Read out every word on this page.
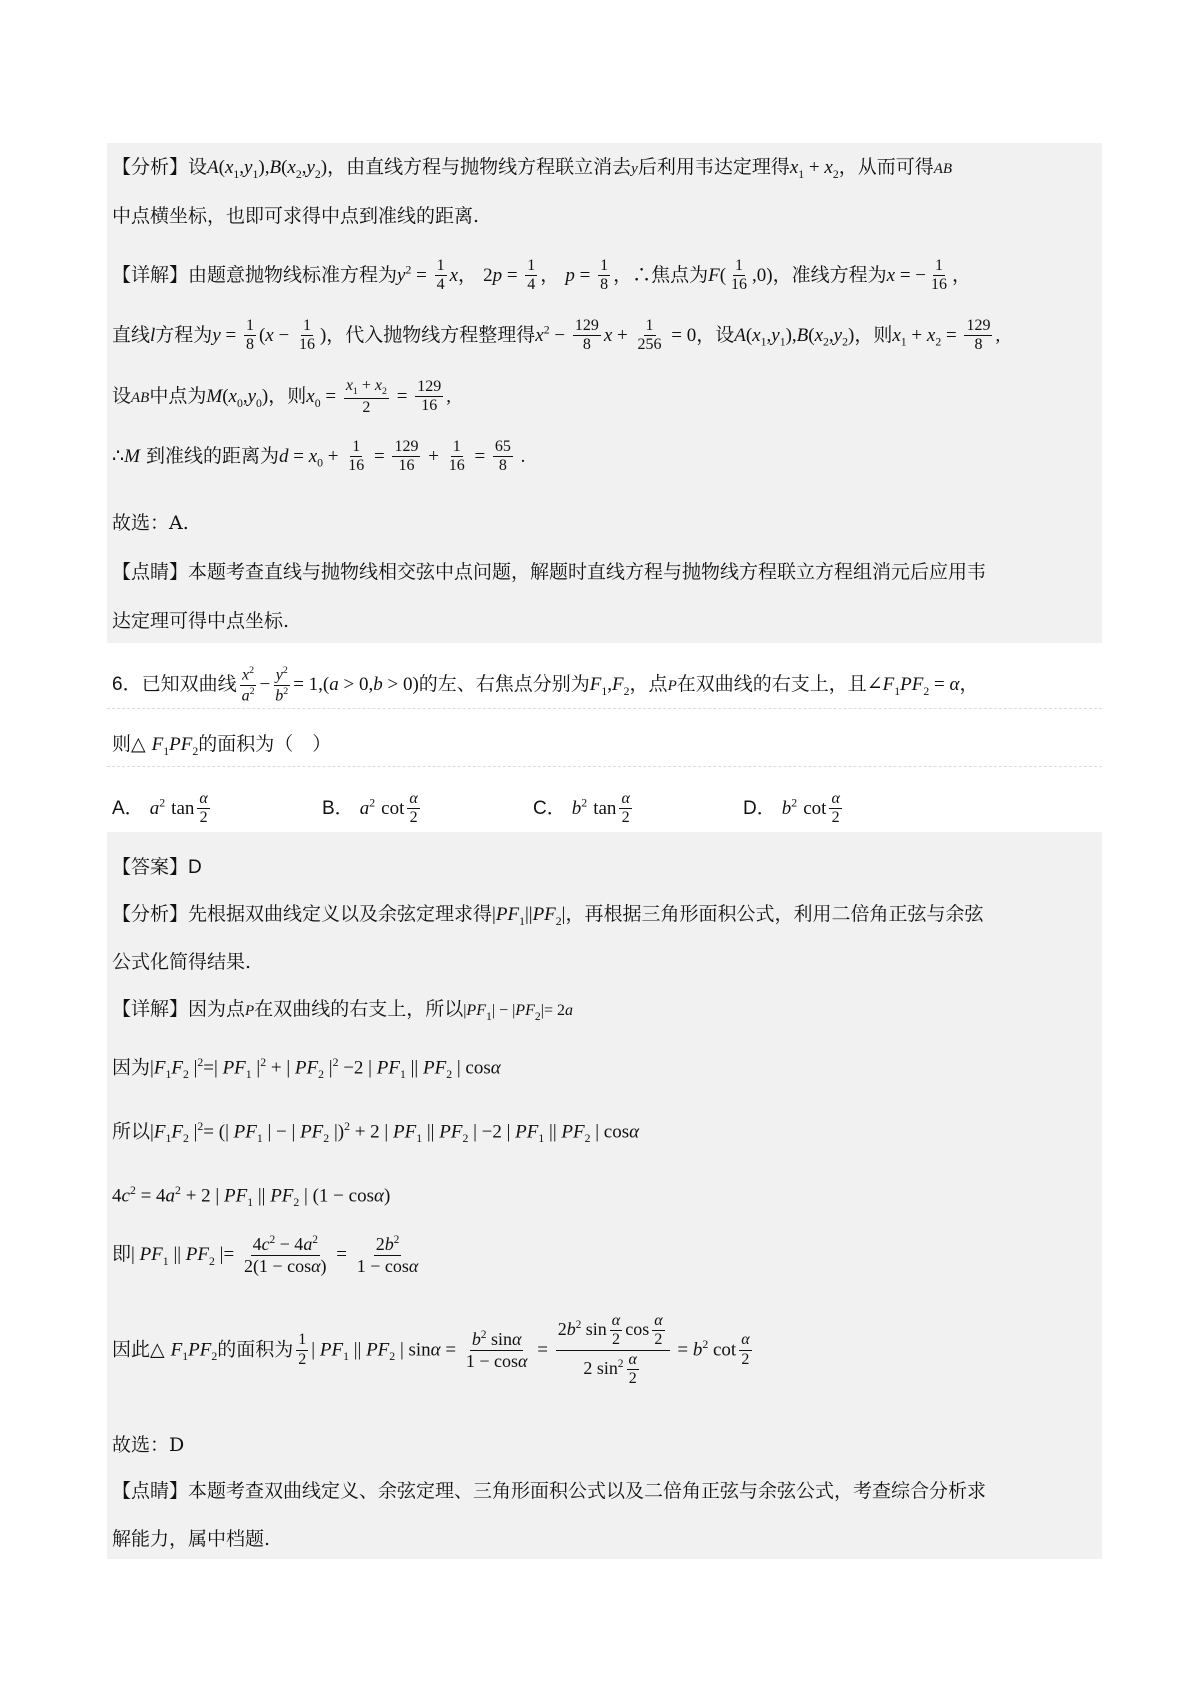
【分析】设$A(x_1,y_1),B(x_2,y_2)$，由直线方程与抛物线方程联立消去y后利用韦达定理得$x_1 + x_2$，从而可得AB
中点横坐标，也即可求得中点到准线的距离.
【详解】由题意抛物线标准方程为$y^2 = \frac{1}{4}$ x， $2p = \frac{1}{4}$ ， $p = \frac{1}{8}$ ，∴焦点为$F( \frac{1}{16} ,0)$，准线方程为x = − $\frac{1}{16}$ ，
直线l方程为$y = \frac{1}{8} (x - \frac{1}{16}$ )，代入抛物线方程整理得$x^2 - \frac{129}{8}$ $x + \frac{1}{256} = 0$，设$A(x_1,y_1),B(x_2,y_2)$，则$x_1 + x_2 = \frac{129}{8}$ ,
设AB中点为$M(x_0,y_0)$，则$x_0 = \frac{x_1 + x_2}{2} = \frac{129}{16}$ ,
∴M 到准线的距离为$d = x_0 + \frac{1}{16} = \frac{129}{16} + \frac{1}{16} = \frac{65}{8}$ .
故选：A.
【点睛】本题考查直线与抛物线相交弦中点问题，解题时直线方程与抛物线方程联立方程组消元后应用韦
达定理可得中点坐标.
6．已知双曲线 $\frac{x^2}{a^2} - \frac{y^2}{b^2} = 1,(a > 0,b > 0)$的左、右焦点分别为$F_1,F_2$，点P在双曲线的右支上，且$\angle F_1PF_2 = \alpha$，
则△ $F_1PF_2$的面积为（　）
A． $a^2$ $\tan \frac{\alpha}{2}$	B． $a^2$ $\cot \frac{\alpha}{2}$	C． $b^2$ $\tan \frac{\alpha}{2}$	D． $b^2$ $\cot \frac{\alpha}{2}$
【答案】D
【分析】先根据双曲线定义以及余弦定理求得$|PF_1||PF_2|$，再根据三角形面积公式，利用二倍角正弦与余弦
公式化简得结果.
【详解】因为点P在双曲线的右支上，所以$|PF_1| - |PF_2|= 2a$
因为$|F_1F_2$ $|^2=|$ $PF_1$ $|^2$ + | $PF_2$ $|^2 -2$ | $PF_1$ || $PF_2$ | cosα
所以$|F_1F_2$ $|^2=$ (| $PF_1$ | − | $PF_2$ |)$^2$ + 2 | $PF_1$ || $PF_2$ | −2 | $PF_1$ || $PF_2$ | cosα
$4c^2 = 4a^2 + 2$ | $PF_1$ || $PF_2$ | (1 − cosα)
即| $PF_1$ || $PF_2$ |= $\frac{4c^2 - 4a^2}{2(1 - \cos\alpha)} = \frac{2b^2}{1 - \cos\alpha}$
因此△ $F_1PF_2$的面积为 $\frac{1}{2}$ | $PF_1$ || $PF_2$ | $\sin\alpha = \frac{b^2 \sin\alpha}{1 - \cos\alpha} = \frac{2b^2 \sin \frac{\alpha}{2} \cos \frac{\alpha}{2}}{2 \sin^2 \frac{\alpha}{2}} = b^2$ $\cot \frac{\alpha}{2}$
故选：D
【点睛】本题考查双曲线定义、余弦定理、三角形面积公式以及二倍角正弦与余弦公式，考查综合分析求
解能力，属中档题.
